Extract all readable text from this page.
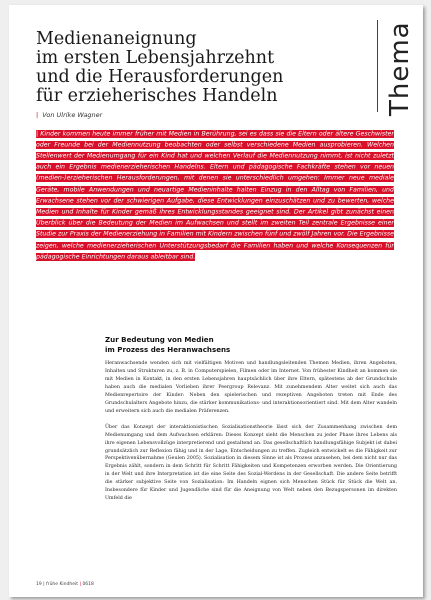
Thema
Medienaneignung
im ersten Lebensjahrzehnt
und die Herausforderungen
für erzieherisches Handeln
| Von Ulrike Wagner

| Kinder kommen heute immer früher mit Medien in Berührung, sei es dass sie die Eltern oder ältere Geschwister oder Freunde bei der Mediennutzung beobachten oder selbst verschiedene Medien ausprobieren. Welchen Stellenwert der Medienumgang für ein Kind hat und welchen Verlauf die Mediennutzung nimmt, ist nicht zuletzt auch ein Ergebnis medienerzieherischen Handelns. Eltern und pädagogische Fachkräfte stehen vor neuen (medien-)erzieherischen Herausforderungen, mit denen sie unterschiedlich umgehen: Immer neue mediale Geräte, mobile Anwendungen und neuartige Medieninhalte halten Einzug in den Alltag von Familien, und Erwachsene stehen vor der schwierigen Aufgabe, diese Entwicklungen einzuschätzen und zu bewerten, welche Medien und Inhalte für Kinder gemäß ihres Entwicklungsstandes geeignet sind. Der Artikel gibt zunächst einen Überblick über die Bedeutung der Medien im Aufwachsen und stellt im zweiten Teil zentrale Ergebnisse einer Studie zur Praxis der Medienerziehung in Familien mit Kindern zwischen fünf und zwölf Jahren vor. Die Ergebnisse zeigen, welche medienerzieherischen Unterstützungsbedarf die Familien haben und welche Konsequenzen für pädagogische Einrichtungen daraus ableitbar sind.

Zur Bedeutung von Medien
im Prozess des Heranwachsens

Heranwachsende wenden sich mit vielfältigen Motiven und handlungsleitenden Themen Medien, ihren Angeboten, Inhalten und Strukturen zu, z. B. in Computerspielen, Filmen oder im Internet. Von frühester Kindheit an kommen sie mit Medien in Kontakt, in den ersten Lebensjahren hauptsächlich über ihre Eltern, spätestens ab der Grundschule haben auch die medialen Vorlieben ihrer Peergroup Relevanz. Mit zunehmendem Alter weitet sich auch das Medienrepertoire der Kinder: Neben den spielerischen und rezeptiven Angeboten treten mit Ende des Grundschulalters Angebote hinzu, die stärker kommunikations- und interaktionsorientiert sind. Mit dem Alter wandeln und erweitern sich auch die medialen Präferenzen.

Über das Konzept der interaktionistischen Sozialisationstheorie lässt sich der Zusammenhang zwischen dem Medienumgang und dem Aufwachsen erklären: Dieses Konzept sieht die Menschen zu jeder Phase ihres Lebens als ihre eigenen Lebensvollzüge interpretierend und gestaltend an. Das gesellschaftlich handlungsfähige Subjekt ist dabei grundsätzlich zur Reflexion fähig und in der Lage, Entscheidungen zu treffen. Zugleich entwickelt es die Fähigkeit zur Perspektivenübernahme (Geulen 2005). Sozialisation in diesem Sinne ist als Prozess anzusehen, bei dem nicht nur das Ergebnis zählt, sondern in dem Schritt für Schritt Fähigkeiten und Kompetenzen erworben werden. Die Orientierung in der Welt und ihre Interpretation ist die eine Seite des Sozial-Werdens in der Gesellschaft. Die andere Seite betrifft die stärker subjektive Seite von Sozialisation: Im Handeln eignen sich Menschen Stück für Stück die Welt an. Insbesondere für Kinder und Jugendliche sind für die Aneignung von Welt neben den Bezugspersonen im direkten Umfeld die

19 | frühe Kindheit | 0618
